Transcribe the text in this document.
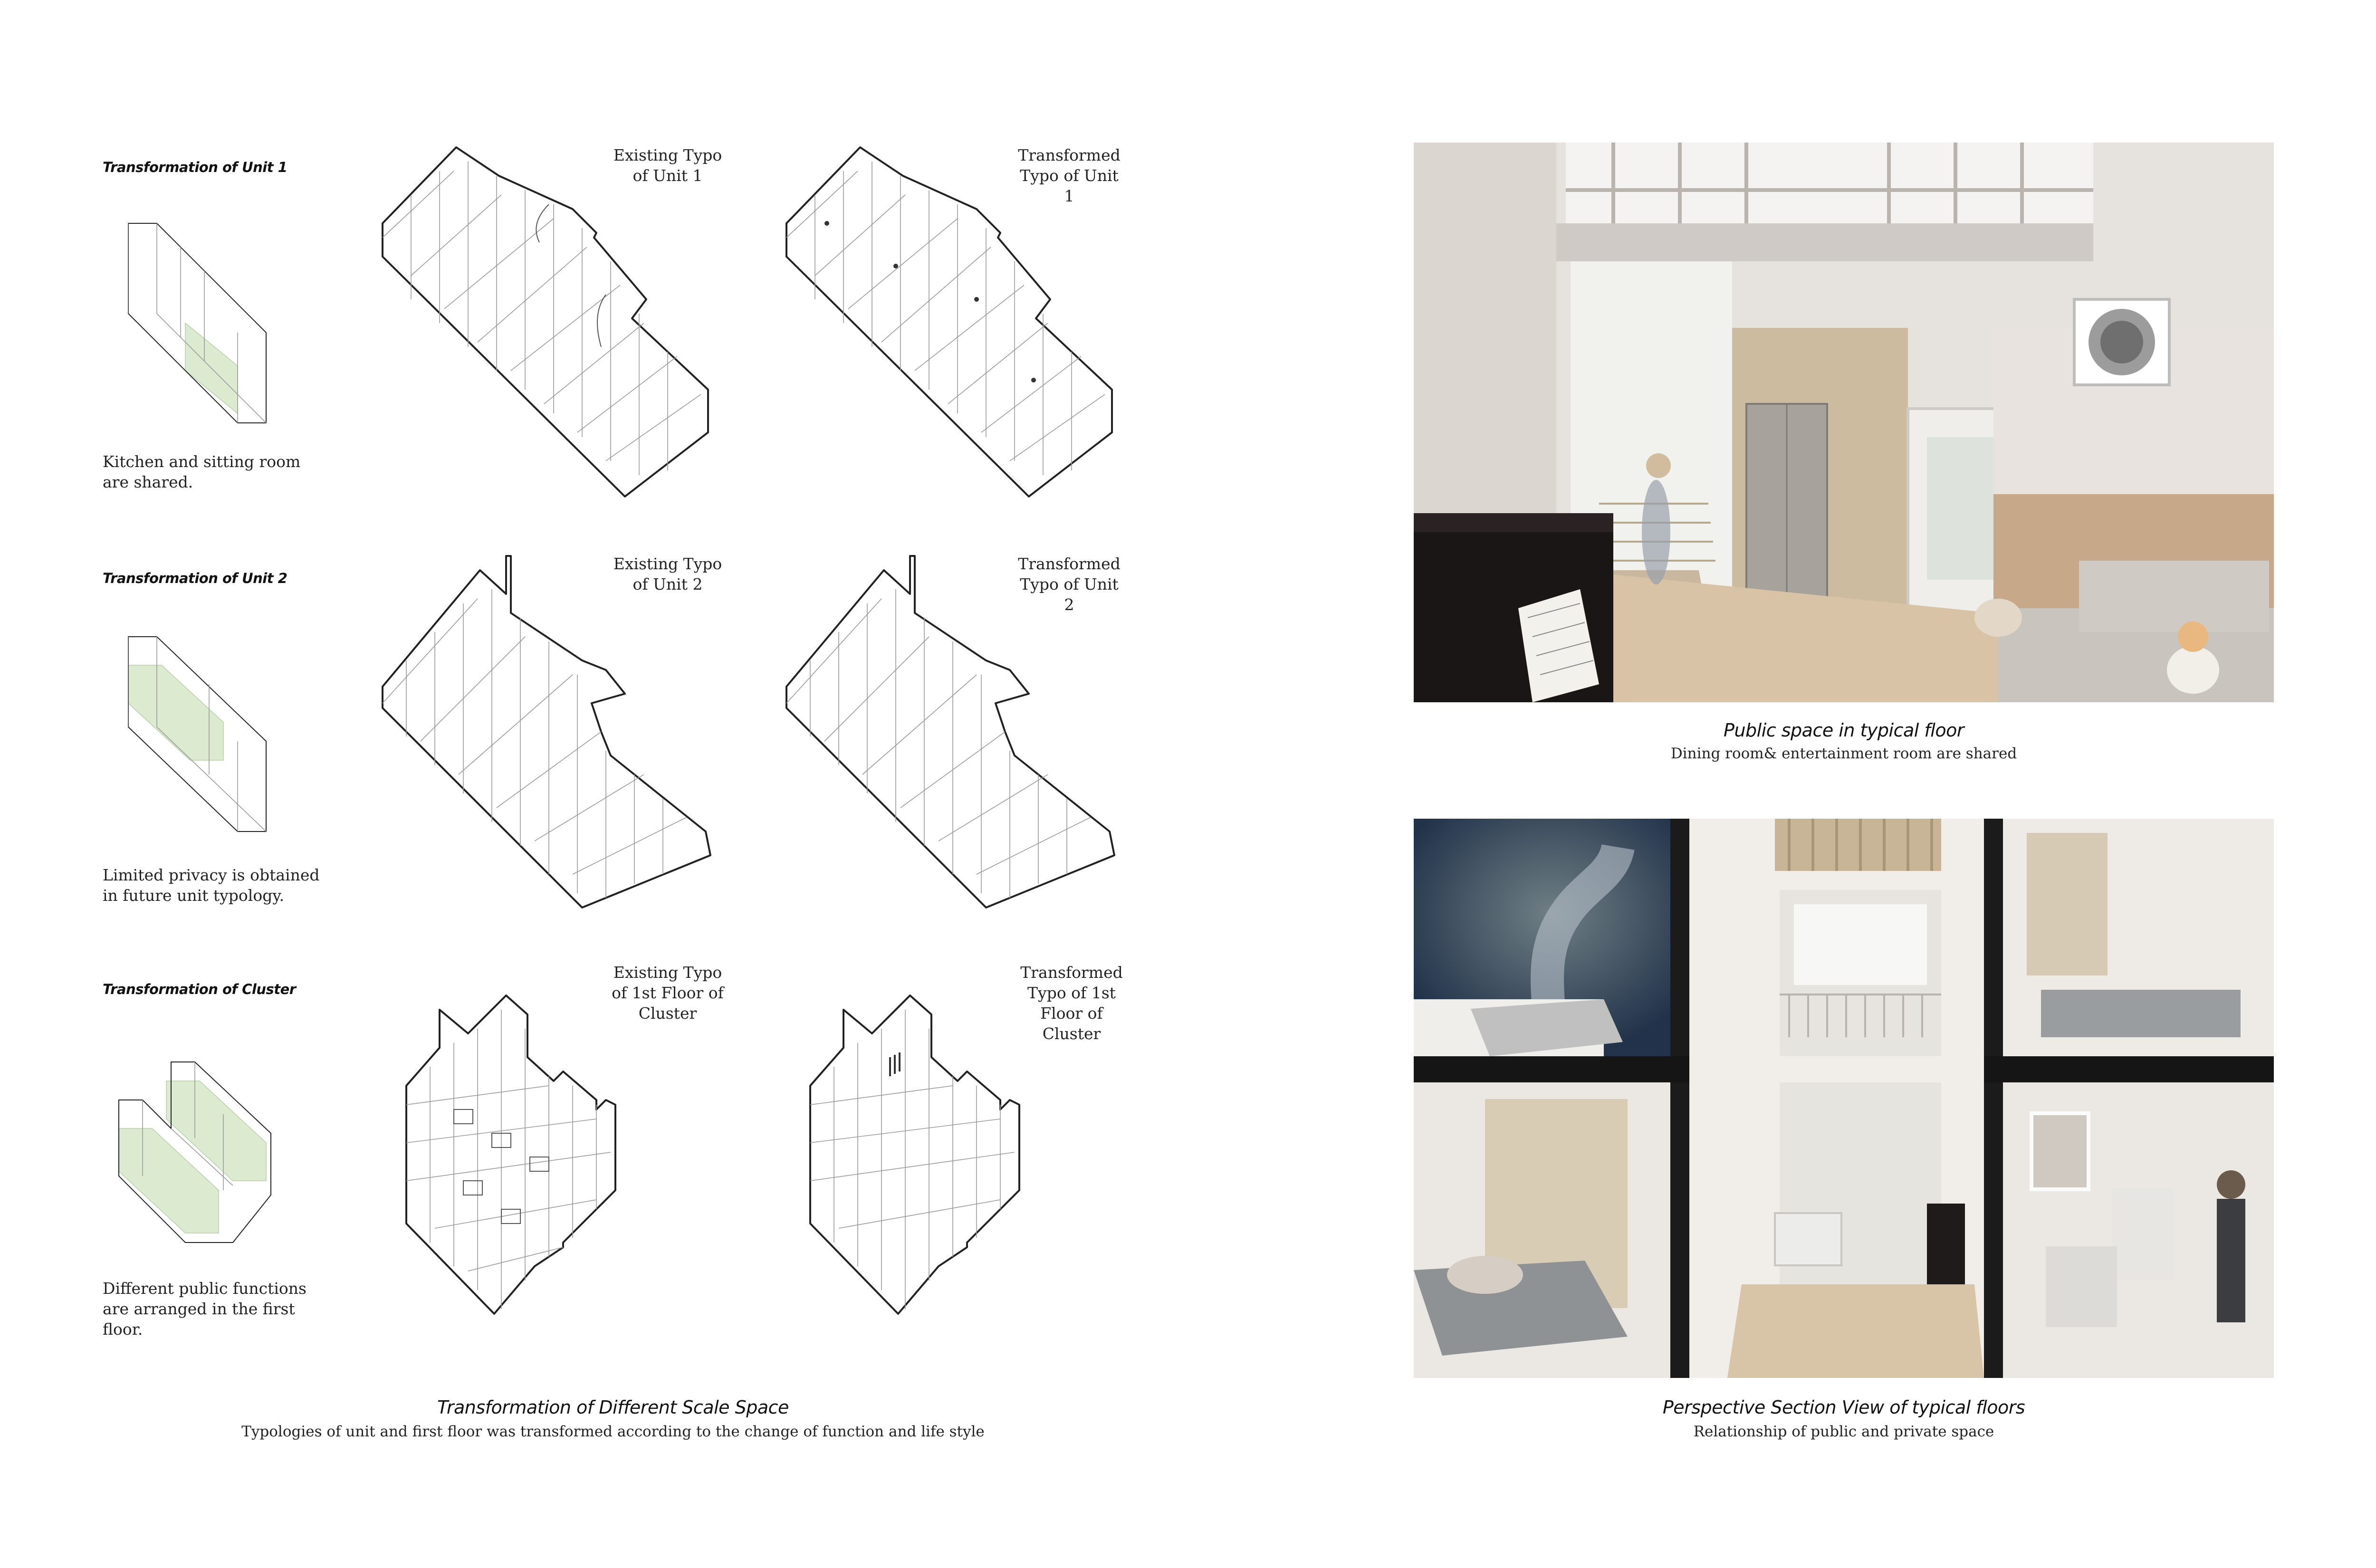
Transformation of Unit 1
Kitchen and sitting room are shared.
Existing Typo of Unit 1
Transformed Typo of Unit 1
Transformation of Unit 2
Limited privacy is obtained in future unit typology.
Existing Typo of Unit 2
Transformed Typo of Unit 2
Transformation of Cluster
Different public functions are arranged in the first floor.
Existing Typo of 1st Floor of Cluster
Transformed Typo of 1st Floor of Cluster
Transformation of Different Scale Space
Typologies of unit and first floor was transformed according to the change of function and life style
Public space in typical floor
Dining room& entertainment room are shared
Perspective Section View of typical floors
Relationship of public and private space
